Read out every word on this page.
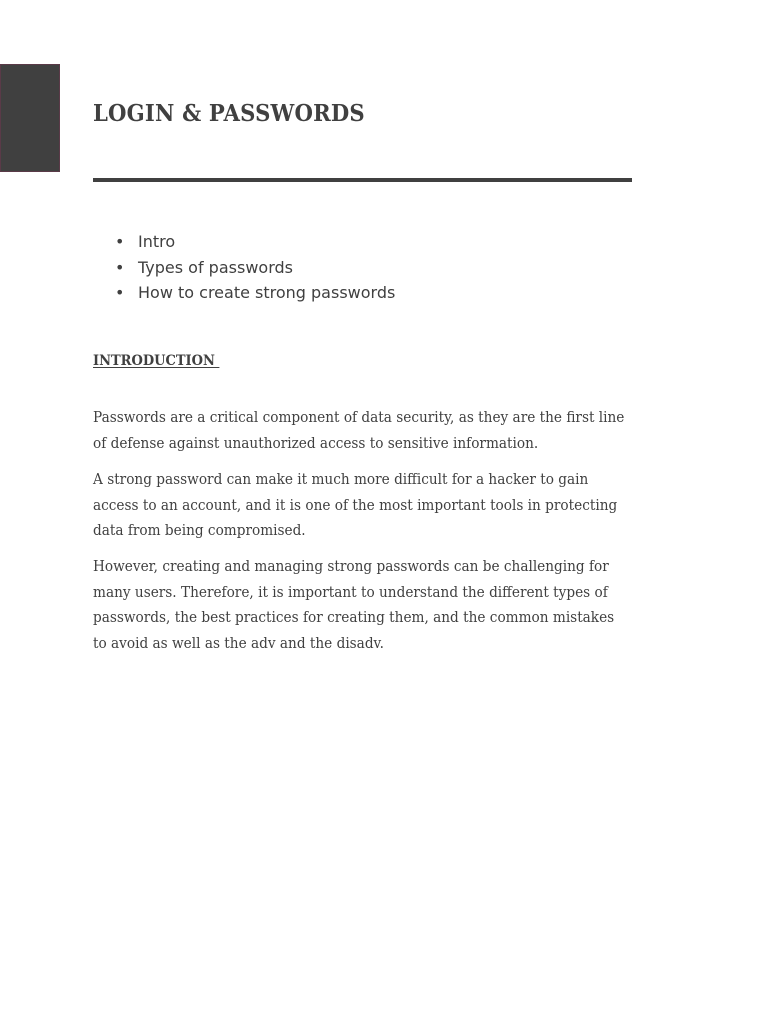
LOGIN & PASSWORDS
• Intro
• Types of passwords
• How to create strong passwords
INTRODUCTION

Passwords are a critical component of data security, as they are the first line of defense against unauthorized access to sensitive information.

A strong password can make it much more difficult for a hacker to gain access to an account, and it is one of the most important tools in protecting data from being compromised.

However, creating and managing strong passwords can be challenging for many users. Therefore, it is important to understand the different types of passwords, the best practices for creating them, and the common mistakes to avoid as well as the adv and the disadv.
